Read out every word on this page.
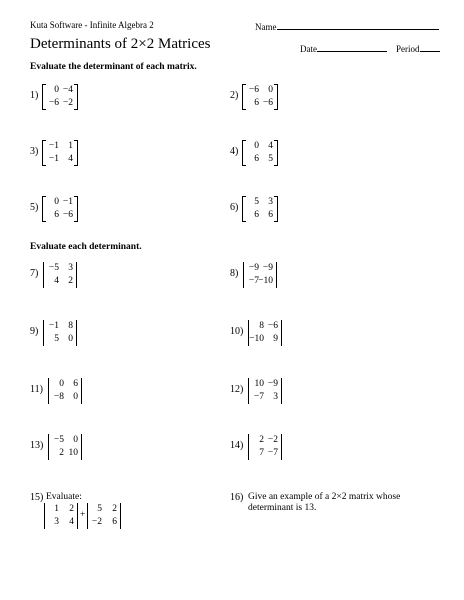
Kuta Software - Infinite Algebra 2	Name
Determinants of 2×2 Matrices	Date	Period
Evaluate the determinant of each matrix.
Evaluate each determinant.
1)	0 −4
−6 −2
2)	−6 0
6 −6
3)	−1 1
−1 4
4)	0 4
6 5
5)	0 −1
6 −6
6)	5 3
6 6
7)	−5 3
4 2
8)	−9 −9
−7 −10
9)	−1 8
5 0
10)	8 −6
−10 9
11)	0 6
−8 0
12)	10 −9
−7 3
13)	−5 0
2 10
14)	2 −2
7 −7
15) Evaluate:
1	2
3	4
+
5	2
−2	6
16) Give an example of a 2×2 matrix whose
determinant is 13.
